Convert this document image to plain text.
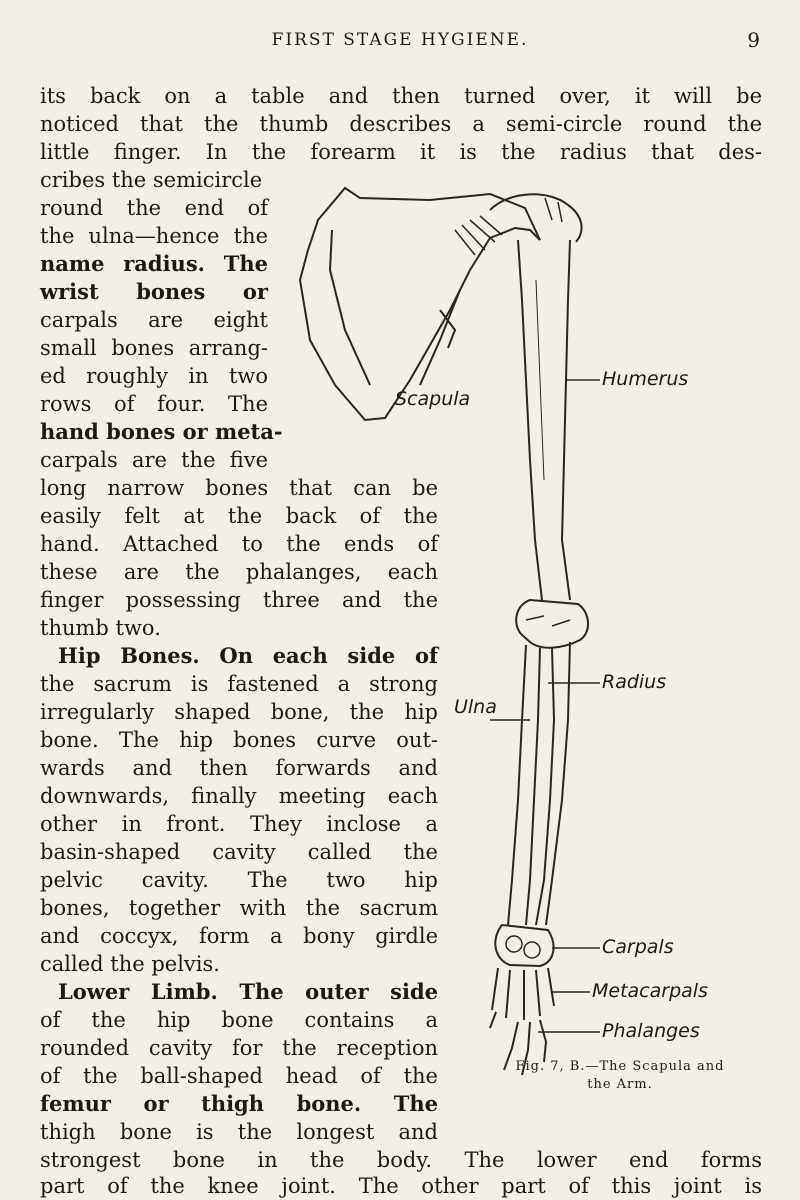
FIRST STAGE HYGIENE.	9
its back on a table and then turned over, it will be
noticed that the thumb describes a semi-circle round the
little finger. In the forearm it is the radius that des-
cribes the semicircle
round the end of
the ulna—hence the
name radius. The
wrist bones or
carpals are eight
small bones arrang-
ed roughly in two
rows of four. The
hand bones or meta-
carpals are the five
long narrow bones that can be
easily felt at the back of the
hand. Attached to the ends of
these are the phalanges, each
finger possessing three and the
thumb two.
Hip Bones. On each side of
the sacrum is fastened a strong
irregularly shaped bone, the hip
bone. The hip bones curve out-
wards and then forwards and
downwards, finally meeting each
other in front. They inclose a
basin-shaped cavity called the
pelvic cavity. The two hip
bones, together with the sacrum
and coccyx, form a bony girdle
called the pelvis.
Lower Limb. The outer side
of the hip bone contains a
rounded cavity for the reception
of the ball-shaped head of the
femur or thigh bone. The
thigh bone is the longest and
strongest bone in the body. The lower end forms
part of the knee joint. The other part of this joint is
Scapula
Humerus
Radius
Ulna
Carpals
Metacarpals
Phalanges
Fig. 7, B.—The Scapula and
the Arm.
